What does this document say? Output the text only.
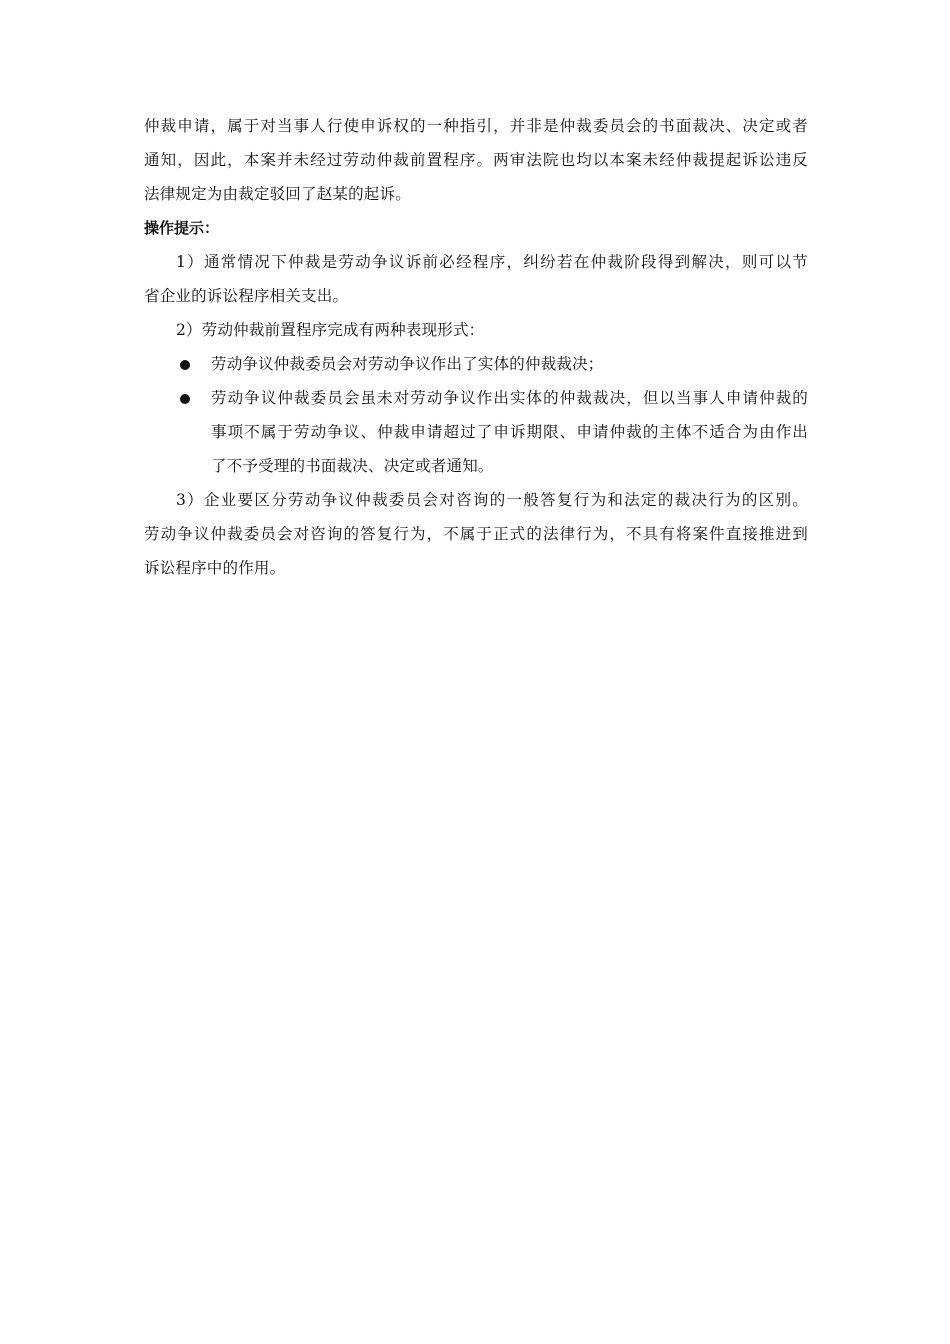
仲裁申请，属于对当事人行使申诉权的一种指引，并非是仲裁委员会的书面裁决、决定或者
通知，因此，本案并未经过劳动仲裁前置程序。两审法院也均以本案未经仲裁提起诉讼违反
法律规定为由裁定驳回了赵某的起诉。
操作提示：
1）通常情况下仲裁是劳动争议诉前必经程序，纠纷若在仲裁阶段得到解决，则可以节
省企业的诉讼程序相关支出。
2）劳动仲裁前置程序完成有两种表现形式：
劳动争议仲裁委员会对劳动争议作出了实体的仲裁裁决；
劳动争议仲裁委员会虽未对劳动争议作出实体的仲裁裁决，但以当事人申请仲裁的
事项不属于劳动争议、仲裁申请超过了申诉期限、申请仲裁的主体不适合为由作出
了不予受理的书面裁决、决定或者通知。
3）企业要区分劳动争议仲裁委员会对咨询的一般答复行为和法定的裁决行为的区别。
劳动争议仲裁委员会对咨询的答复行为，不属于正式的法律行为，不具有将案件直接推进到
诉讼程序中的作用。
